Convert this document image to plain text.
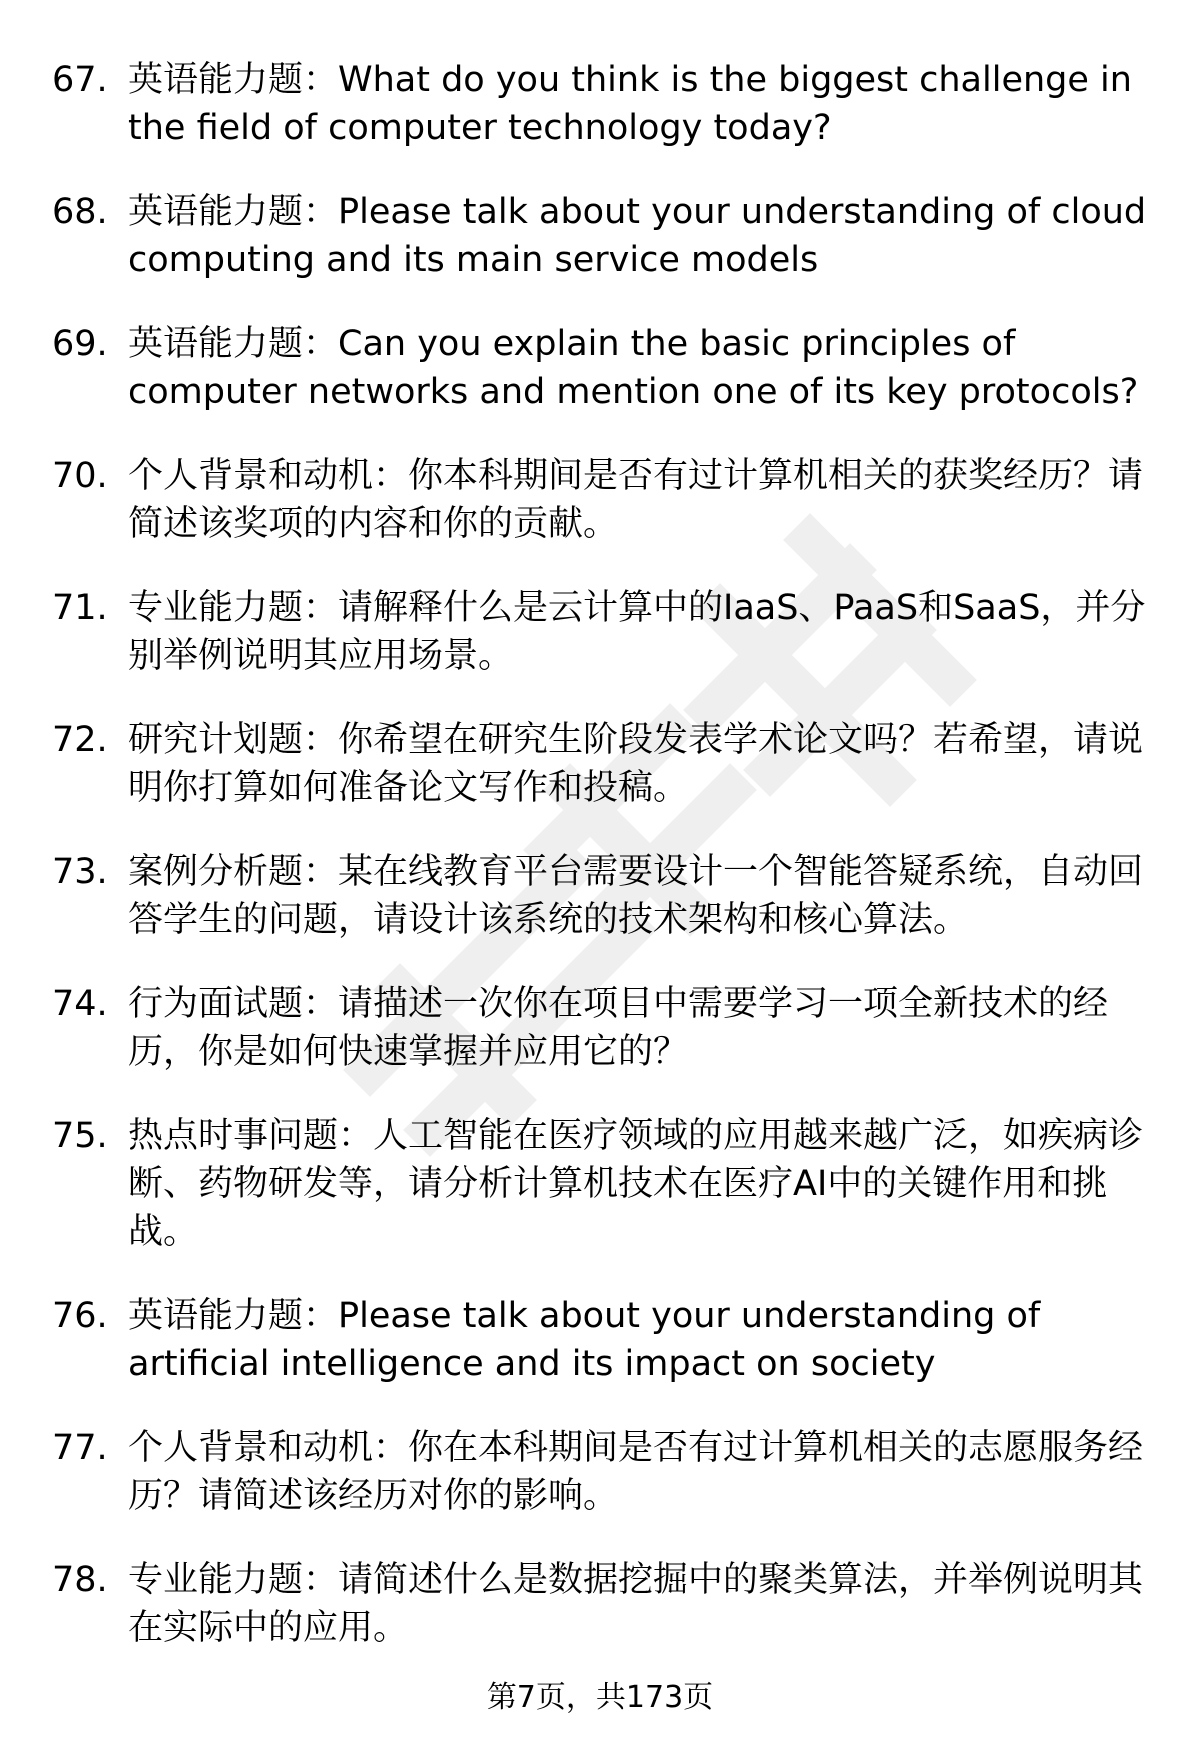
67. 英语能力题：What do you think is the biggest challenge in the field of computer technology today?
68. 英语能力题：Please talk about your understanding of cloud computing and its main service models
69. 英语能力题：Can you explain the basic principles of computer networks and mention one of its key protocols?
70. 个人背景和动机：你本科期间是否有过计算机相关的获奖经历？请简述该奖项的内容和你的贡献。
71. 专业能力题：请解释什么是云计算中的IaaS、PaaS和SaaS，并分别举例说明其应用场景。
72. 研究计划题：你希望在研究生阶段发表学术论文吗？若希望，请说明你打算如何准备论文写作和投稿。
73. 案例分析题：某在线教育平台需要设计一个智能答疑系统，自动回答学生的问题，请设计该系统的技术架构和核心算法。
74. 行为面试题：请描述一次你在项目中需要学习一项全新技术的经历，你是如何快速掌握并应用它的？
75. 热点时事问题：人工智能在医疗领域的应用越来越广泛，如疾病诊断、药物研发等，请分析计算机技术在医疗AI中的关键作用和挑战。
76. 英语能力题：Please talk about your understanding of artificial intelligence and its impact on society
77. 个人背景和动机：你在本科期间是否有过计算机相关的志愿服务经历？请简述该经历对你的影响。
78. 专业能力题：请简述什么是数据挖掘中的聚类算法，并举例说明其在实际中的应用。
第7页，共173页
